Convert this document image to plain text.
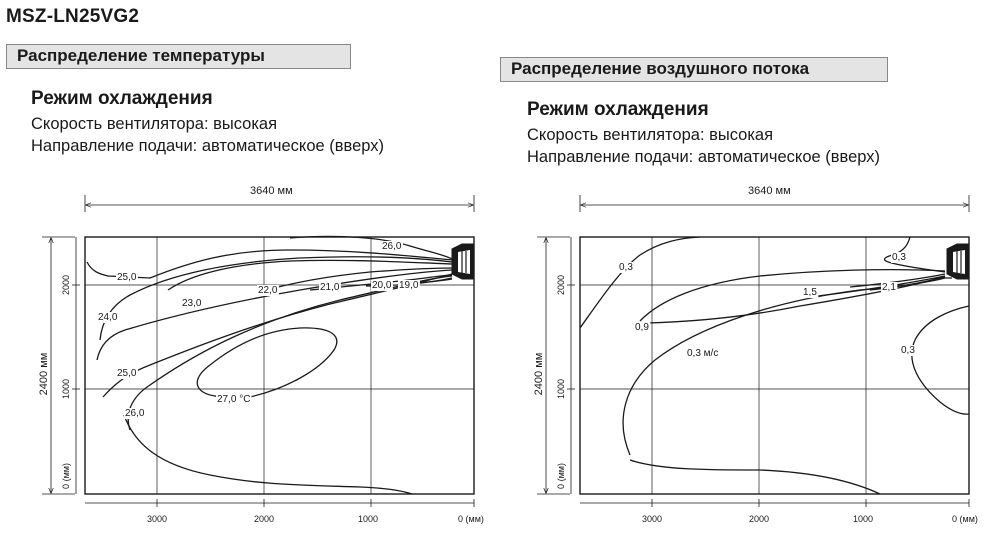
MSZ-LN25VG2
Распределение температуры
Распределение воздушного потока
Режим охлаждения
Скорость вентилятора: высокая
Направление подачи: автоматическое (вверх)
Режим охлаждения
Скорость вентилятора: высокая
Направление подачи: автоматическое (вверх)
3640 мм
2400 мм
3000	2000	1000	0 (мм)
2000
1000
0 (мм)
26,0
25,0
23,0
22,0	21,0	20,0 19,0
24,0
25,0
26,0
27,0 °C
3640 мм
2400 мм
3000	2000	1000	0 (мм)
2000
1000
0 (мм)
0,3
0,3
1,5	2,1
0,9
0,3 м/с	0,3
